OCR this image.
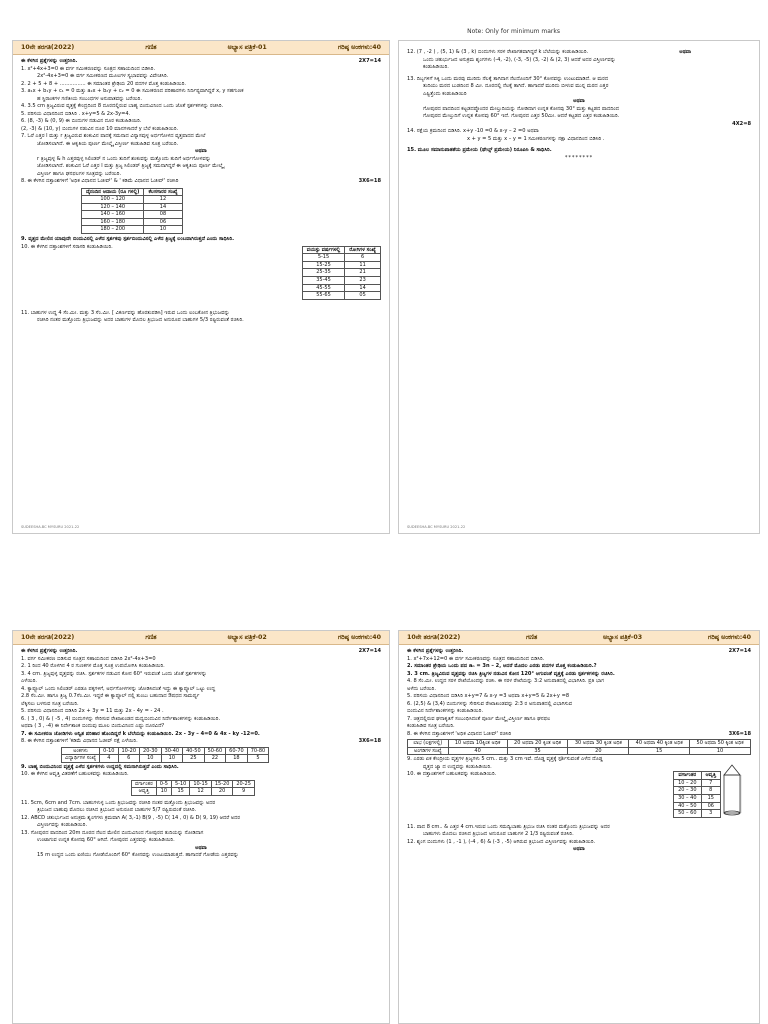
Note: Only for minimum marks
10ನೇ ತರಗತಿ(2022)	ಗಣಿತ	ಅಭ್ಯಾಸ ಪತ್ರಿಕೆ-01	ಗರಿಷ್ಠ ಅಂಕಗಳು:40
ಈ ಕೆಳಗಿನ ಪ್ರಶ್ನೆಗಳನ್ನು ಉತ್ತರಿಸಿರಿ.	2X7=14
1. x²+4x+3=0 ಈ ವರ್ಗ ಸಮೀಕರಣವನ್ನು ಸೂತ್ರದ ಸಹಾಯದಿಂದ ಬಿಡಿಸಿರಿ.
2x²-4x+3=0 ಈ ವರ್ಗ ಸಮೀಕರಣದ ಮೂಲಗಳ ಸ್ವಭಾವವನ್ನು ವಿವೇಚಿಸಿರಿ.
2. 2 + 5 + 8 + ................ ಈ ಸಮಾಂತರ ಶ್ರೇಢಿಯ 20 ಪದಗಳ ಮೊತ್ತ ಕಂಡುಹಿಡಿಯಿರಿ.
3. a₁x + b₁y + c₁ = 0 ಮತ್ತು a₂x + b₂y + c₂ = 0 ಈ ಸಮೀಕರಣದ ಪರಿಹಾರಗಳು ನಿರ್ದಿಷ್ಟವಾಗಿದ್ದರೆ x, y ಸಹಗುಣಕ
ಹ ಸ್ಥಿರಾಂಕಗಳ ಗಣಿತೀಯ ಸಂಬಂಧಗಳ ಅನುಪಾತವನ್ನು ಬರೆಯಿರಿ.
4. 3.5 cm ತ್ರಿಜ್ಯವಿರುವ ವೃತ್ತಕ್ಕೆ ಕೇಂದ್ರದಿಂದ 8 ದೂರದಲ್ಲಿರುವ ಬಾಹ್ಯ ಬಿಂದುವಿನಿಂದ ಒಂದು ಜೊತೆ ಸ್ಪರ್ಶಕಗಳನ್ನು ರಚಿಸಿರಿ.
5. ಪರಿಸಯ ವಿಧಾನದಿಂದ ಬಿಡಿಸಿರಿ . x+y=5 & 2x-3y=4.
6. (8, -3) & (0, 9) ಈ ಬಿಂದುಗಳ ನಡುವಿನ ದೂರ ಕಂಡುಹಿಡಿಯಿರಿ.
(2, -3) & (10, y) ಬಿಂದುಗಳ ನಡುವಿನ ದೂರ 10 ಮಾನಗಳಾದರೆ y ಬೆಲೆ ಕಂಡುಹಿಡಿಯಿರಿ.
7. ಓರೆ ಎತ್ತರ l ಮತ್ತು r ತ್ರಿಜ್ಯವಿರುವ ಶಂಕುವಿನ ಪಾದಕ್ಕೆ ಸಮನಾದ ವಿನ್ಯಾಸವುಳ್ಳ ಅರ್ಧಗೋಳದ ವೃತ್ತಪಾದದ ಮೇಲೆ
ಜೋಡಿಸಲಾಗಿದೆ. ಈ ಆಕೃತಿಯ ಪೂರ್ಣ ಮೇಲ್ಮೈ ವಿಸ್ತೀರ್ಣ ಕಂಡುಹಿಡಿವ ಸೂತ್ರ ಬರೆಯಿರಿ.
ಅಥವಾ
r ತ್ರಿಜ್ಯವುಳ್ಳ & h ಎತ್ತರವುಳ್ಳ ಸಿಲಿಂಡರ್ ನ ಒಂದು ತುದಿಗೆ ಶಂಕುವನ್ನು ಮತ್ತೊಂದು ತುದಿಗೆ ಅರ್ಧಗೋಳವನ್ನು
ಜೋಡಿಸಲಾಗಿದೆ. ಶಂಕುವಿನ ಓರೆ ಎತ್ತರ l ಮತ್ತು ತ್ರಿಜ್ಯ ಸಿಲಿಂಡರ್ ತ್ರಿಜ್ಯಕ್ಕೆ ಸಮನಾಗಿದ್ದರೆ ಈ ಆಕೃತಿಯ ಪೂರ್ಣ ಮೇಲ್ಮೈ
ವಿಸ್ತೀರ್ಣ ಹಾಗೂ ಘನಫಲಗಳ ಸೂತ್ರವನ್ನು ಬರೆಯಿರಿ.
8. ಈ ಕೆಳಗಿನ ದತ್ತಾಂಶಗಳಿಗೆ 'ಅಧಿಕ ವಿಧಾನದ ಓಜೀವ್' & ' ಕಡಿಮೆ ವಿಧಾನದ ಓಜೀವ್' ರಚಿಸಿರಿ	3X6=18
ದೈನಂದಿನ ಆದಾಯ (ರೂ ಗಳಲ್ಲಿ)	ಕೆಲಸಗಾರರ ಸಂಖ್ಯೆ
100 – 120	12
120 – 140	14
140 – 160	08
160 – 180	06
180 – 200	10
9. ವೃತ್ತದ ಮೇಲಿನ ಯಾವುದೇ ಬಿಂದುವಿನಲ್ಲಿ ಎಳೆದ ಸ್ಪರ್ಶಕವು ಸ್ಪರ್ಶಬಿಂದುವಿನಲ್ಲಿ ಎಳೆದ ತ್ರಿಜ್ಯಕ್ಕೆ ಲಂಬವಾಗಿರುತ್ತದೆ ಎಂದು ಸಾಧಿಸಿರಿ.
10. ಈ ಕೆಳಗಿನ ದತ್ತಾಂಶಗಳಿಗೆ ಸರಾಸರಿ ಕಂಡುಹಿಡಿಯಿರಿ.	ವಯಸ್ಸು ವರ್ಷಗಳಲ್ಲಿ	ರೋಗಿಗಳ ಸಂಖ್ಯೆ
5-15	6
15-25	11
25-35	21
35-45	23
45-55	14
55-65	05
11. ಬಾಹುಗಳ ಉದ್ದ 4 ಸೆಂ.ಮೀ. ಮತ್ತು 3 ಸೆಂ.ಮೀ. [ ವಿಕರ್ಣವನ್ನು ಹೊರತುಪಡಿಸಿ] ಇರುವ ಒಂದು ಲಂಬಕೋನ ತ್ರಿಭುಜವನ್ನು
ರಚಿಸಿರಿ ನಂತರ ಮತ್ತೊಂದು ತ್ರಿಭುಜವನ್ನು ಅದರ ಬಾಹುಗಳ ಮೊದಲ ತ್ರಿಭುಜದ ಅನುರೂಪ ಬಾಹುಗಳ 5/3 ರಷ್ಟಿರುವಂತೆ ರಚಿಸಿರಿ.
SUDEESHA.BC MYSURU 2021-22
12. (7 , -2 ) , (5, 1) & (3 , k) ಬಿಂದುಗಳು ಸರಳ ರೇಖಾಗತವಾಗಿದ್ದರೆ k ಬೆಲೆಯನ್ನು ಕಂಡುಹಿಡಿಯಿರಿ.	ಅಥವಾ
ಒಂದು ಚತುರ್ಭುಜದ ಅನುಕ್ರಮ ಶೃಂಗಗಳು (-4, -2), (-3, -5) (3, -2) & (2, 3) ಆದರೆ ಅದರ ವಿಸ್ತೀರ್ಣವನ್ನು
ಕಂಡುಹಿಡಿಯಿರಿ.
13. ದಿಬ್ಬಗಳಿಗೆ ಸಿಕ್ಕಿ ಒಂದು ಮರವು ಮುರಿದು ನೆಲಕ್ಕೆ ತಾಗಿದಾಗ ನೆಲದೊಂದಿಗೆ 30° ಕೋನವನ್ನು ಉಂಟುಮಾಡಿದೆ. ಆ ಮರದ
ತುದಿಯು ಮರದ ಬುಡದಿಂದ 8 ಮೀ. ದೂರದಲ್ಲಿ ನೆಲಕ್ಕೆ ತಾಗಿದೆ. ಹಾಗಾದರೆ ಮುರಿದು ಬೀಳುವ ಮುನ್ನ ಮರದ ಎತ್ತರ
ಎಷ್ಟಿತ್ತೆಂದು ಕಂಡುಹಿಡಿಯಿರಿ
ಅಥವಾ
ಗೋಪುರದ ಪಾದದಿಂದ ಕಟ್ಟಡದಪ್ಪೊಂದರ ಮೇಲ್ತುದಿಯನ್ನು ನೋಡಿದಾಗ ಉನ್ನತ ಕೋನವು 30° ಮತ್ತು ಕಟ್ಟಡದ ಪಾದದಿಂದ
ಗೋಪುರದ ಮೇಲ್ತುದಿಗೆ ಉನ್ನತ ಕೋನವು 60° ಇದೆ. ಗೋಪುರದ ಎತ್ತರ 50ಮೀ. ಆದರೆ ಕಟ್ಟಡದ ಎತ್ತರ ಕಂಡುಹಿಡಿಯಿರಿ.
4X2=8
14. ನಕ್ಷೆಯ ಕ್ರಮದಿಂದ ಬಿಡಿಸಿರಿ. x+y -10 =0 & x-y – 2 =0 ಅಥವಾ
x + y = 5 ಮತ್ತು x – y = 1 ಸಮೀಕರಣಗಳನ್ನು ನಕ್ಷಾ ವಿಧಾನದಿಂದ ಬಿಡಿಸಿರಿ .
15. ಮೂಲ ಸಮಾನುಪಾತತೆಯ ಪ್ರಮೇಯ (ಥೇಲ್ಸ್ ಪ್ರಮೇಯ) ನಿರೂಪಿಸಿ & ಸಾಧಿಸಿರಿ.
********
SUDEESHA.BC MYSURU 2021-22
10ನೇ ತರಗತಿ(2022)	ಗಣಿತ	ಅಭ್ಯಾಸ ಪತ್ರಿಕೆ-02	ಗರಿಷ್ಠ ಅಂಕಗಳು:40
ಈ ಕೆಳಗಿನ ಪ್ರಶ್ನೆಗಳನ್ನು ಉತ್ತರಿಸಿರಿ.	2X7=14
1. ವರ್ಗ ಸಮೀಕರಣ ಬಿಡಿಸುವ ಸೂತ್ರದ ಸಹಾಯದಿಂದ ಬಿಡಿಸಿರಿ 2x²-4x+3=0
2. 1 ರಿಂದ 40 ರೊಳಗಿನ 4 ರ ಗುಣಕಗಳ ಮೊತ್ತ ಸೂತ್ರ ಉಪಯೋಗಿಸಿ ಕಂಡುಹಿಡಿಯಿರಿ.
3. 4 cm. ತ್ರಿಜ್ಯವುಳ್ಳ ವೃತ್ತವನ್ನು ರಚಿಸಿ. ಸ್ಪರ್ಶಕಗಳ ನಡುವಿನ ಕೋನ 60° ಇರುವಂತೆ ಒಂದು ಜೊತೆ ಸ್ಪರ್ಶಕಗಳನ್ನು
ಎಳೆಯಿರಿ.
4. ಕ್ಯಾಪ್ಸೂಲ್ ಒಂದು ಸಿಲಿಂಡರ್ ಎರಡೂ ಪಕ್ಕಗಳಿಗೆ, ಅರ್ಧಗೋಳಗಳನ್ನು ಜೋಡಿಸಿದಂತೆ ಇದ್ದು ಈ ಕ್ಯಾಪ್ಸೂಲ್ ಒಟ್ಟು ಉದ್ದ
2.8 ಸೆಂ.ಮೀ. ಹಾಗೂ ತ್ರಿಜ್ಯ 0.7ಸೆಂ.ಮೀ. ಇದ್ದರೆ ಈ ಕ್ಯಾಪ್ಸೂಲ್ ನಲ್ಲಿ ತುಂಬು ಬಹುದಾದ ಔಷಧದ ಸಾಮರ್ಥ್ಯ
ಲೆಕ್ಕಿಸಲು ಬಳಸುವ ಸೂತ್ರ ಬರೆಯಿರಿ.
5. ಪರಿಸಯ ವಿಧಾನದಿಂದ ಬಿಡಿಸಿರಿ 2x + 3y = 11 ಮತ್ತು 2x - 4y = - 24 .
6. ( 3 , 0) & ( -5 , 4) ಬಿಂದುಗಳನ್ನು ಸೇರಿಸುವ ರೇಖಾಖಂಡದ ಮಧ್ಯಬಿಂದುವಿನ ನಿರ್ದೇಶಾಂಕಗಳನ್ನು ಕಂಡುಹಿಡಿಯಿರಿ.
ಅಥವಾ ( 3 , -4) ಈ ನಿರ್ದೇಶಾಂಕ ಬಿಂದುವು ಮೂಲ ಬಿಂದುವಿನಿಂದ ಎಷ್ಟು ದೂರವಿದೆ?
7. ಈ ಸಮೀಕರಣ ಜೋಡಿಗಳು ಅನ್ವಿತ ಪರಿಹಾರ ಹೊಂದಿದ್ದರೆ k ಬೆಲೆಯನ್ನು ಕಂಡುಹಿಡಿಯಿರಿ. 2x - 3y – 4=0 & 4x - ky -12=0.
8. ಈ ಕೆಳಗಿನ ದತ್ತಾಂಶಗಳಿಗೆ 'ಕಡಿಮೆ ವಿಧಾನದ ಓಜೀವ್ ನಕ್ಷೆ ಎಳೆಯಿರಿ.	3X6=18
ಅಂಕಗಳು	0-10	10-20	20-30	30-40	40-50	50-60	60-70	70-80
ವಿದ್ಯಾರ್ಥಿಗಳ ಸಂಖ್ಯೆ	4	6	10	10	25	22	18	5
9. ಬಾಹ್ಯ ಬಿಂದುವಿನಿಂದ ವೃತ್ತಕ್ಕೆ ಎಳೆದ ಸ್ಪರ್ಶಕಗಳು ಉದ್ದದಲ್ಲಿ ಸಮನಾಗಿರುತ್ತವೆ ಎಂದು ಸಾಧಿಸಿರಿ.
10. ಈ ಕೆಳಗಿನ ಆವೃತ್ತಿ ವಿತರಣೆಗೆ ಬಹುಲಕವನ್ನು ಕಂಡುಹಿಡಿಯಿರಿ.
ವರ್ಗಾಂತರ	0-5	5-10	10-15	15-20	20-25
ಆವೃತ್ತಿ	10	15	12	20	9
11. 5cm, 6cm and 7cm. ಬಾಹುಗಳುಳ್ಳ ಒಂದು ತ್ರಿಭುಜವನ್ನು ರಚಿಸಿರಿ ನಂತರ ಮತ್ತೊಂದು ತ್ರಿಭುಜವನ್ನು ಅದರ
ತ್ರಿಭುಜದ ಬಾಹುವು ಮೊದಲು ರಚಿಸಿದ ತ್ರಿಭುಜದ ಅನುರೂಪ ಬಾಹುಗಳ 5/7 ರಷ್ಟಿರುವಂತೆ ರಚಿಸಿರಿ.
12. ABCD ಚತುರ್ಭುಜದ ಅನುಕ್ರಮ ಶೃಂಗಗಳು ಕ್ರಮವಾಗಿ A( 3,-1) B(9 , -5) C( 14 , 0) & D( 9, 19) ಆದರೆ ಅದರ
ವಿಸ್ತೀರ್ಣವನ್ನು ಕಂಡುಹಿಡಿಯಿರಿ.
13. ಗೋಪುರದ ಪಾದದಿಂದ 20m ದೂರದ ನೆಲದ ಮೇಲಿನ ಬಿಂದುವಿನಿಂದ ಗೋಪುರದ ತುದಿಯನ್ನು ನೋಡಿದಾಗ
ಉಂಟಾಗುವ ಉನ್ನತ ಕೋನವು 60° ಆಗಿದೆ. ಗೋಪುರದ ಎತ್ತರವನ್ನು ಕಂಡುಹಿಡಿಯಿರಿ.
ಅಥವಾ
15 m ಉದ್ದದ ಒಂದು ಏಣಿಯು ಗೋಡೆಯೊಂದಿಗೆ 60° ಕೋನವನ್ನು ಉಂಟುಮಾಡುತ್ತದೆ. ಹಾಗಾದರೆ ಗೋಡೆಯ ಎತ್ತರವನ್ನು
10ನೇ ತರಗತಿ(2022)	ಗಣಿತ	ಅಭ್ಯಾಸ ಪತ್ರಿಕೆ-03	ಗರಿಷ್ಠ ಅಂಕಗಳು:40
ಈ ಕೆಳಗಿನ ಪ್ರಶ್ನೆಗಳನ್ನು ಉತ್ತರಿಸಿರಿ.	2X7=14
1. x²+7x+12=0 ಈ ವರ್ಗ ಸಮೀಕರಣವನ್ನು ಸೂತ್ರದ ಸಹಾಯದಿಂದ ಬಿಡಿಸಿರಿ.
2. ಸಮಾಂತರ ಶ್ರೇಢಿಯ ಒಂದು ಪದ aₙ = 3n – 2, ಆದರೆ ಮೊದಲ ಎರಡು ಪದಗಳ ಮೊತ್ತ ಕಂಡುಹಿಡಿಯಿರಿ.?
3. 3 cm. ತ್ರಿಜ್ಯವಿರುವ ವೃತ್ತವನ್ನು ರಚಿಸಿ ತ್ರಿಜ್ಯಗಳ ನಡುವಿನ ಕೋನ 120° ಆಗುವಂತೆ ವೃತ್ತಕ್ಕೆ ಎರಡು ಸ್ಪರ್ಶಕಗಳನ್ನು ರಚಿಸಿರಿ.
4. 8 ಸೆಂ.ಮೀ. ಉದ್ದದ ಸರಳ ರೇಖೆಯೊಂದನ್ನು ರಚಿಸಿ. ಈ ಸರಳ ರೇಖೆಯನ್ನು 3:2 ಅನುಪಾತದಲ್ಲಿ ವಿಭಾಗಿಸಿರಿ. ಪ್ರತಿ ಭಾಗ
ಅಳೆದು ಬರೆಯಿರಿ.
5. ಪರಿಸಯ ವಿಧಾನದಿಂದ ಬಿಡಿಸಿರಿ x+y=7 & x-y =3 ಅಥವಾ x+y=5 & 2x+y =8
6. (2,5) & (3,4) ಬಿಂದುಗಳನ್ನು ಸೇರಿಸುವ ರೇಖಾಖಂಡವನ್ನು 2:3 ರ ಅನುಪಾತದಲ್ಲಿ ವಿಭಾಗಿಸುವ
ಬಿಂದುವಿನ ನಿರ್ದೇಶಾಂಕಗಳನ್ನು ಕಂಡುಹಿಡಿಯಿರಿ.
7. ಚಿತ್ರದಲ್ಲಿರುವ ಘನಾಕೃತಿಗೆ ಸಂಬಂಧಿಸಿದಂತೆ ಪೂರ್ಣ ಮೇಲ್ಮೈ ವಿಸ್ತೀರ್ಣ ಹಾಗೂ ಘನಫಲ
ಕಂಡುಹಿಡಿವ ಸೂತ್ರ ಬರೆಯಿರಿ.
8. ಈ ಕೆಳಗಿನ ದತ್ತಾಂಶಗಳಿಗೆ 'ಅಧಿಕ ವಿಧಾನದ ಓಜೀವ್' ರಚಿಸಿರಿ	3X6=18
ಲಾಭ (ಲಕ್ಷಗಳಲ್ಲಿ)	10 ಅಥವಾ 10ಕ್ಕಿಂತ ಅಧಿಕ	20 ಅಥವಾ 20 ಕ್ಕಿಂತ ಅಧಿಕ	30 ಅಥವಾ 30 ಕ್ಕಿಂತ ಅಧಿಕ	40 ಅಥವಾ 40 ಕ್ಕಿಂತ ಅಧಿಕ	50 ಅಥವಾ 50 ಕ್ಕಿಂತ ಅಧಿಕ
ಅಂಗಡಿಗಳ ಸಂಖ್ಯೆ	40	35	20	15	10
9. ಎರಡು ಏಕ ಕೇಂದ್ರೀಯ ವೃತ್ತಗಳ ತ್ರಿಜ್ಯಗಳು 5 cm.. ಮತ್ತು 3 cm ಇವೆ. ದೊಡ್ಡ ವೃತ್ತಕ್ಕೆ ಸ್ಪರ್ಶಿಸುವಂತೆ ಎಳೆದ ದೊಡ್ಡ
ವೃತ್ತದ ಜ್ಯಾ ದ ಉದ್ದವನ್ನು ಕಂಡುಹಿಡಿಯಿರಿ.
10. ಈ ದತ್ತಾಂಶಗಳಿಗೆ ಬಹುಲಕವನ್ನು ಕಂಡುಹಿಡಿಯಿರಿ.	ವರ್ಗಾಂತರ	ಆವೃತ್ತಿ
10 – 20	7
20 – 30	8
30 – 40	15
40 – 50	06
50 – 60	3
11. ಪಾದ 8 cm.. & ಎತ್ತರ 4 cm.ಇರುವ ಒಂದು ಸಮದ್ವಿಬಾಹು ತ್ರಿಭುಜ ರಚಿಸಿ ನಂತರ ಮತ್ತೊಂದು ತ್ರಿಭುಜವನ್ನು ಅದರ
ಬಾಹುಗಳು ಮೊದಲು ರಚಿಸಿದ ತ್ರಿಭುಜದ ಅನುರೂಪ ಬಾಹುಗಳ 2 1/3 ರಷ್ಟಿರುವಂತೆ ರಚಿಸಿರಿ.
12. ಶೃಂಗ ಬಿಂದುಗಳು (1 , -1 ), (-4 , 6) & (-3 , -5) ಆಗಿರುವ ತ್ರಿಭುಜದ ವಿಸ್ತೀರ್ಣವನ್ನು ಕಂಡುಹಿಡಿಯಿರಿ.
ಅಥವಾ
